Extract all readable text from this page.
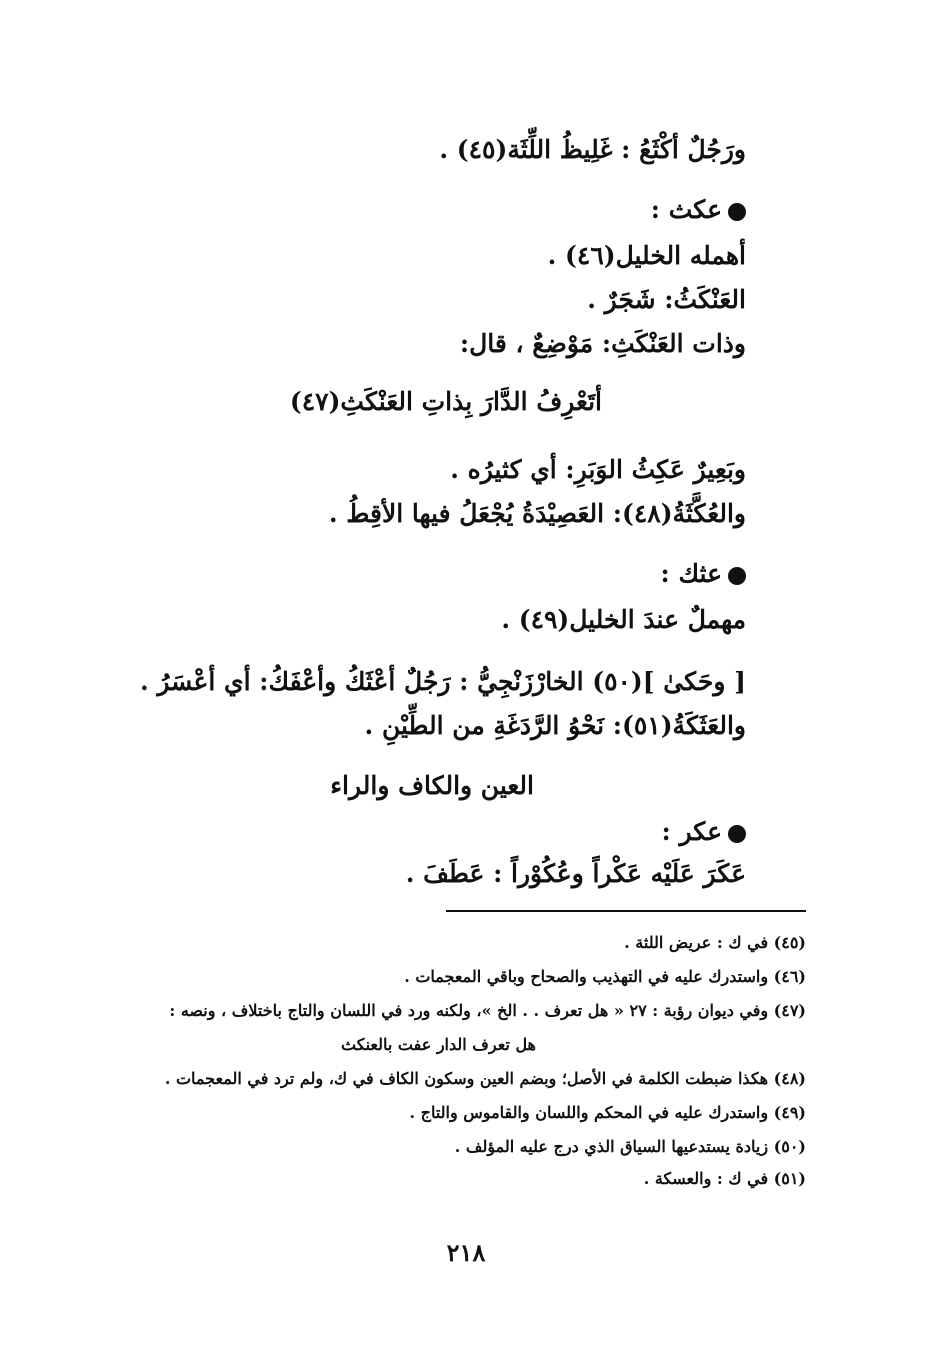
ورَجُلٌ أكْثَعُ : غَلِيظُ اللِّثَة(٤٥) .
عكث :
أهمله الخليل(٤٦) .
العَنْكَثُ: شَجَرٌ .
وذات العَنْكَثِ: مَوْضِعٌ ، قال:
أتَعْرِفُ الدَّارَ بِذاتِ العَنْكَثِ(٤٧)
وبَعِيرٌ عَكِثُ الوَبَرِ: أي كثيرُه .
والعُكَّثَةُ(٤٨): العَصِيْدَةُ يُجْعَلُ فيها الأقِطُ .
عثك :
مهملٌ عندَ الخليل(٤٩) .
[ وحَكىٰ ](٥٠) الخارْزَنْجِيُّ : رَجُلٌ أعْثَكُ وأعْفَكُ: أي أعْسَرُ .
والعَثَكَةُ(٥١): نَحْوُ الرَّدَغَةِ من الطِّيْنِ .
العين والكاف والراء
عكر :
عَكَرَ عَلَيْه عَكْراً وعُكُوْراً : عَطَفَ .
(٤٥) في ك : عريض اللثة .
(٤٦) واستدرك عليه في التهذيب والصحاح وباقي المعجمات .
(٤٧) وفي ديوان رؤبة : ٢٧ « هل تعرف . . الخ »، ولكنه ورد في اللسان والتاج باختلاف ، ونصه :
هل تعرف الدار عفت بالعنكث
(٤٨) هكذا ضبطت الكلمة في الأصل؛ وبضم العين وسكون الكاف في ك، ولم ترد في المعجمات .
(٤٩) واستدرك عليه في المحكم واللسان والقاموس والتاج .
(٥٠) زيادة يستدعيها السياق الذي درج عليه المؤلف .
(٥١) في ك : والعسكة .
٢١٨
